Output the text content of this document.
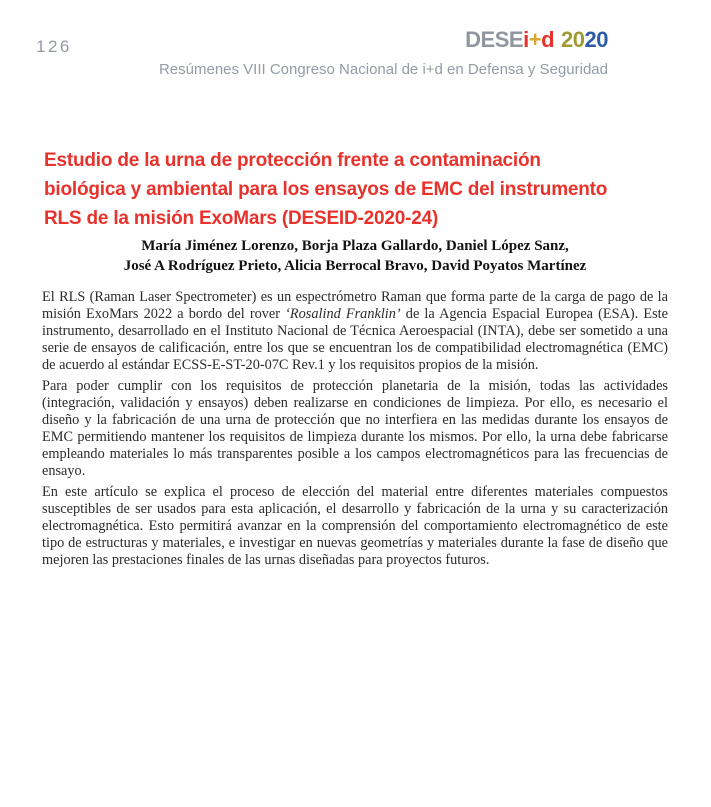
126	DESEi+d 2020
Resúmenes VIII Congreso Nacional de i+d en Defensa y Seguridad
Estudio de la urna de protección frente a contaminación
biológica y ambiental para los ensayos de EMC del instrumento
RLS de la misión ExoMars (DESEID-2020-24)
María Jiménez Lorenzo, Borja Plaza Gallardo, Daniel López Sanz,
José A Rodríguez Prieto, Alicia Berrocal Bravo, David Poyatos Martínez

El RLS (Raman Laser Spectrometer) es un espectrómetro Raman que forma parte de la carga de pago de la misión ExoMars 2022 a bordo del rover ‘Rosalind Franklin’ de la Agencia Espacial Europea (ESA). Este instrumento, desarrollado en el Instituto Nacional de Técnica Aeroespacial (INTA), debe ser sometido a una serie de ensayos de calificación, entre los que se encuentran los de compatibilidad electromagnética (EMC) de acuerdo al estándar ECSS-E-ST-20-07C Rev.1 y los requisitos propios de la misión.

Para poder cumplir con los requisitos de protección planetaria de la misión, todas las actividades (integración, validación y ensayos) deben realizarse en condiciones de limpieza. Por ello, es necesario el diseño y la fabricación de una urna de protección que no interfiera en las medidas durante los ensayos de EMC permitiendo mantener los requisitos de limpieza durante los mismos. Por ello, la urna debe fabricarse empleando materiales lo más transparentes posible a los campos electromagnéticos para las frecuencias de ensayo.

En este artículo se explica el proceso de elección del material entre diferentes materiales compuestos susceptibles de ser usados para esta aplicación, el desarrollo y fabricación de la urna y su caracterización electromagnética. Esto permitirá avanzar en la comprensión del comportamiento electromagnético de este tipo de estructuras y materiales, e investigar en nuevas geometrías y materiales durante la fase de diseño que mejoren las prestaciones finales de las urnas diseñadas para proyectos futuros.
